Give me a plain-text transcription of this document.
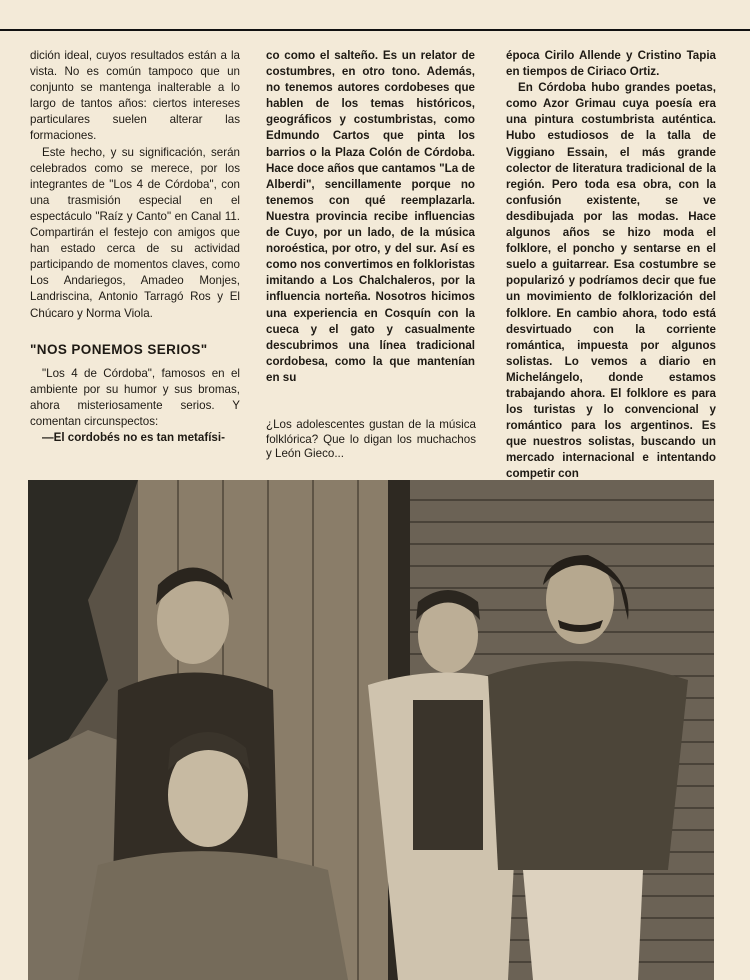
dición ideal, cuyos resultados están a la vista. No es común tampoco que un conjunto se mantenga inalterable a lo largo de tantos años: ciertos intereses particulares suelen alterar las formaciones.

Este hecho, y su significación, serán celebrados como se merece, por los integrantes de "Los 4 de Córdoba", con una trasmisión especial en el espectáculo "Raíz y Canto" en Canal 11. Compartirán el festejo con amigos que han estado cerca de su actividad participando de momentos claves, como Los Andariegos, Amadeo Monjes, Landriscina, Antonio Tarragó Ros y El Chúcaro y Norma Viola.

"NOS PONEMOS SERIOS"

"Los 4 de Córdoba", famosos en el ambiente por su humor y sus bromas, ahora misteriosamente serios. Y comentan circunspectos:

—El cordobés no es tan metafísi-

co como el salteño. Es un relator de costumbres, en otro tono. Además, no tenemos autores cordobeses que hablen de los temas históricos, geográficos y costumbristas, como Edmundo Cartos que pinta los barrios o la Plaza Colón de Córdoba. Hace doce años que cantamos "La de Alberdi", sencillamente porque no tenemos con qué reemplazarla. Nuestra provincia recibe influencias de Cuyo, por un lado, de la música noroéstica, por otro, y del sur. Así es como nos convertimos en folkloristas imitando a Los Chalchaleros, por la influencia norteña. Nosotros hicimos una experiencia en Cosquín con la cueca y el gato y casualmente descubrimos una línea tradicional cordobesa, como la que mantenían en su

¿Los adolescentes gustan de la música folklórica? Que lo digan los muchachos y León Gieco...

época Cirilo Allende y Cristino Tapia en tiempos de Ciriaco Ortiz.

En Córdoba hubo grandes poetas, como Azor Grimau cuya poesía era una pintura costumbrista auténtica. Hubo estudiosos de la talla de Viggiano Essain, el más grande colector de literatura tradicional de la región. Pero toda esa obra, con la confusión existente, se ve desdibujada por las modas. Hace algunos años se hizo moda el folklore, el poncho y sentarse en el suelo a guitarrear. Esa costumbre se popularizó y podríamos decir que fue un movimiento de folklorización del folklore. En cambio ahora, todo está desvirtuado con la corriente romántica, impuesta por algunos solistas. Lo vemos a diario en Michelángelo, donde estamos trabajando ahora. El folklore es para los turistas y lo convencional y romántico para los argentinos. Es que nuestros solistas, buscando un mercado internacional e intentando competir con
